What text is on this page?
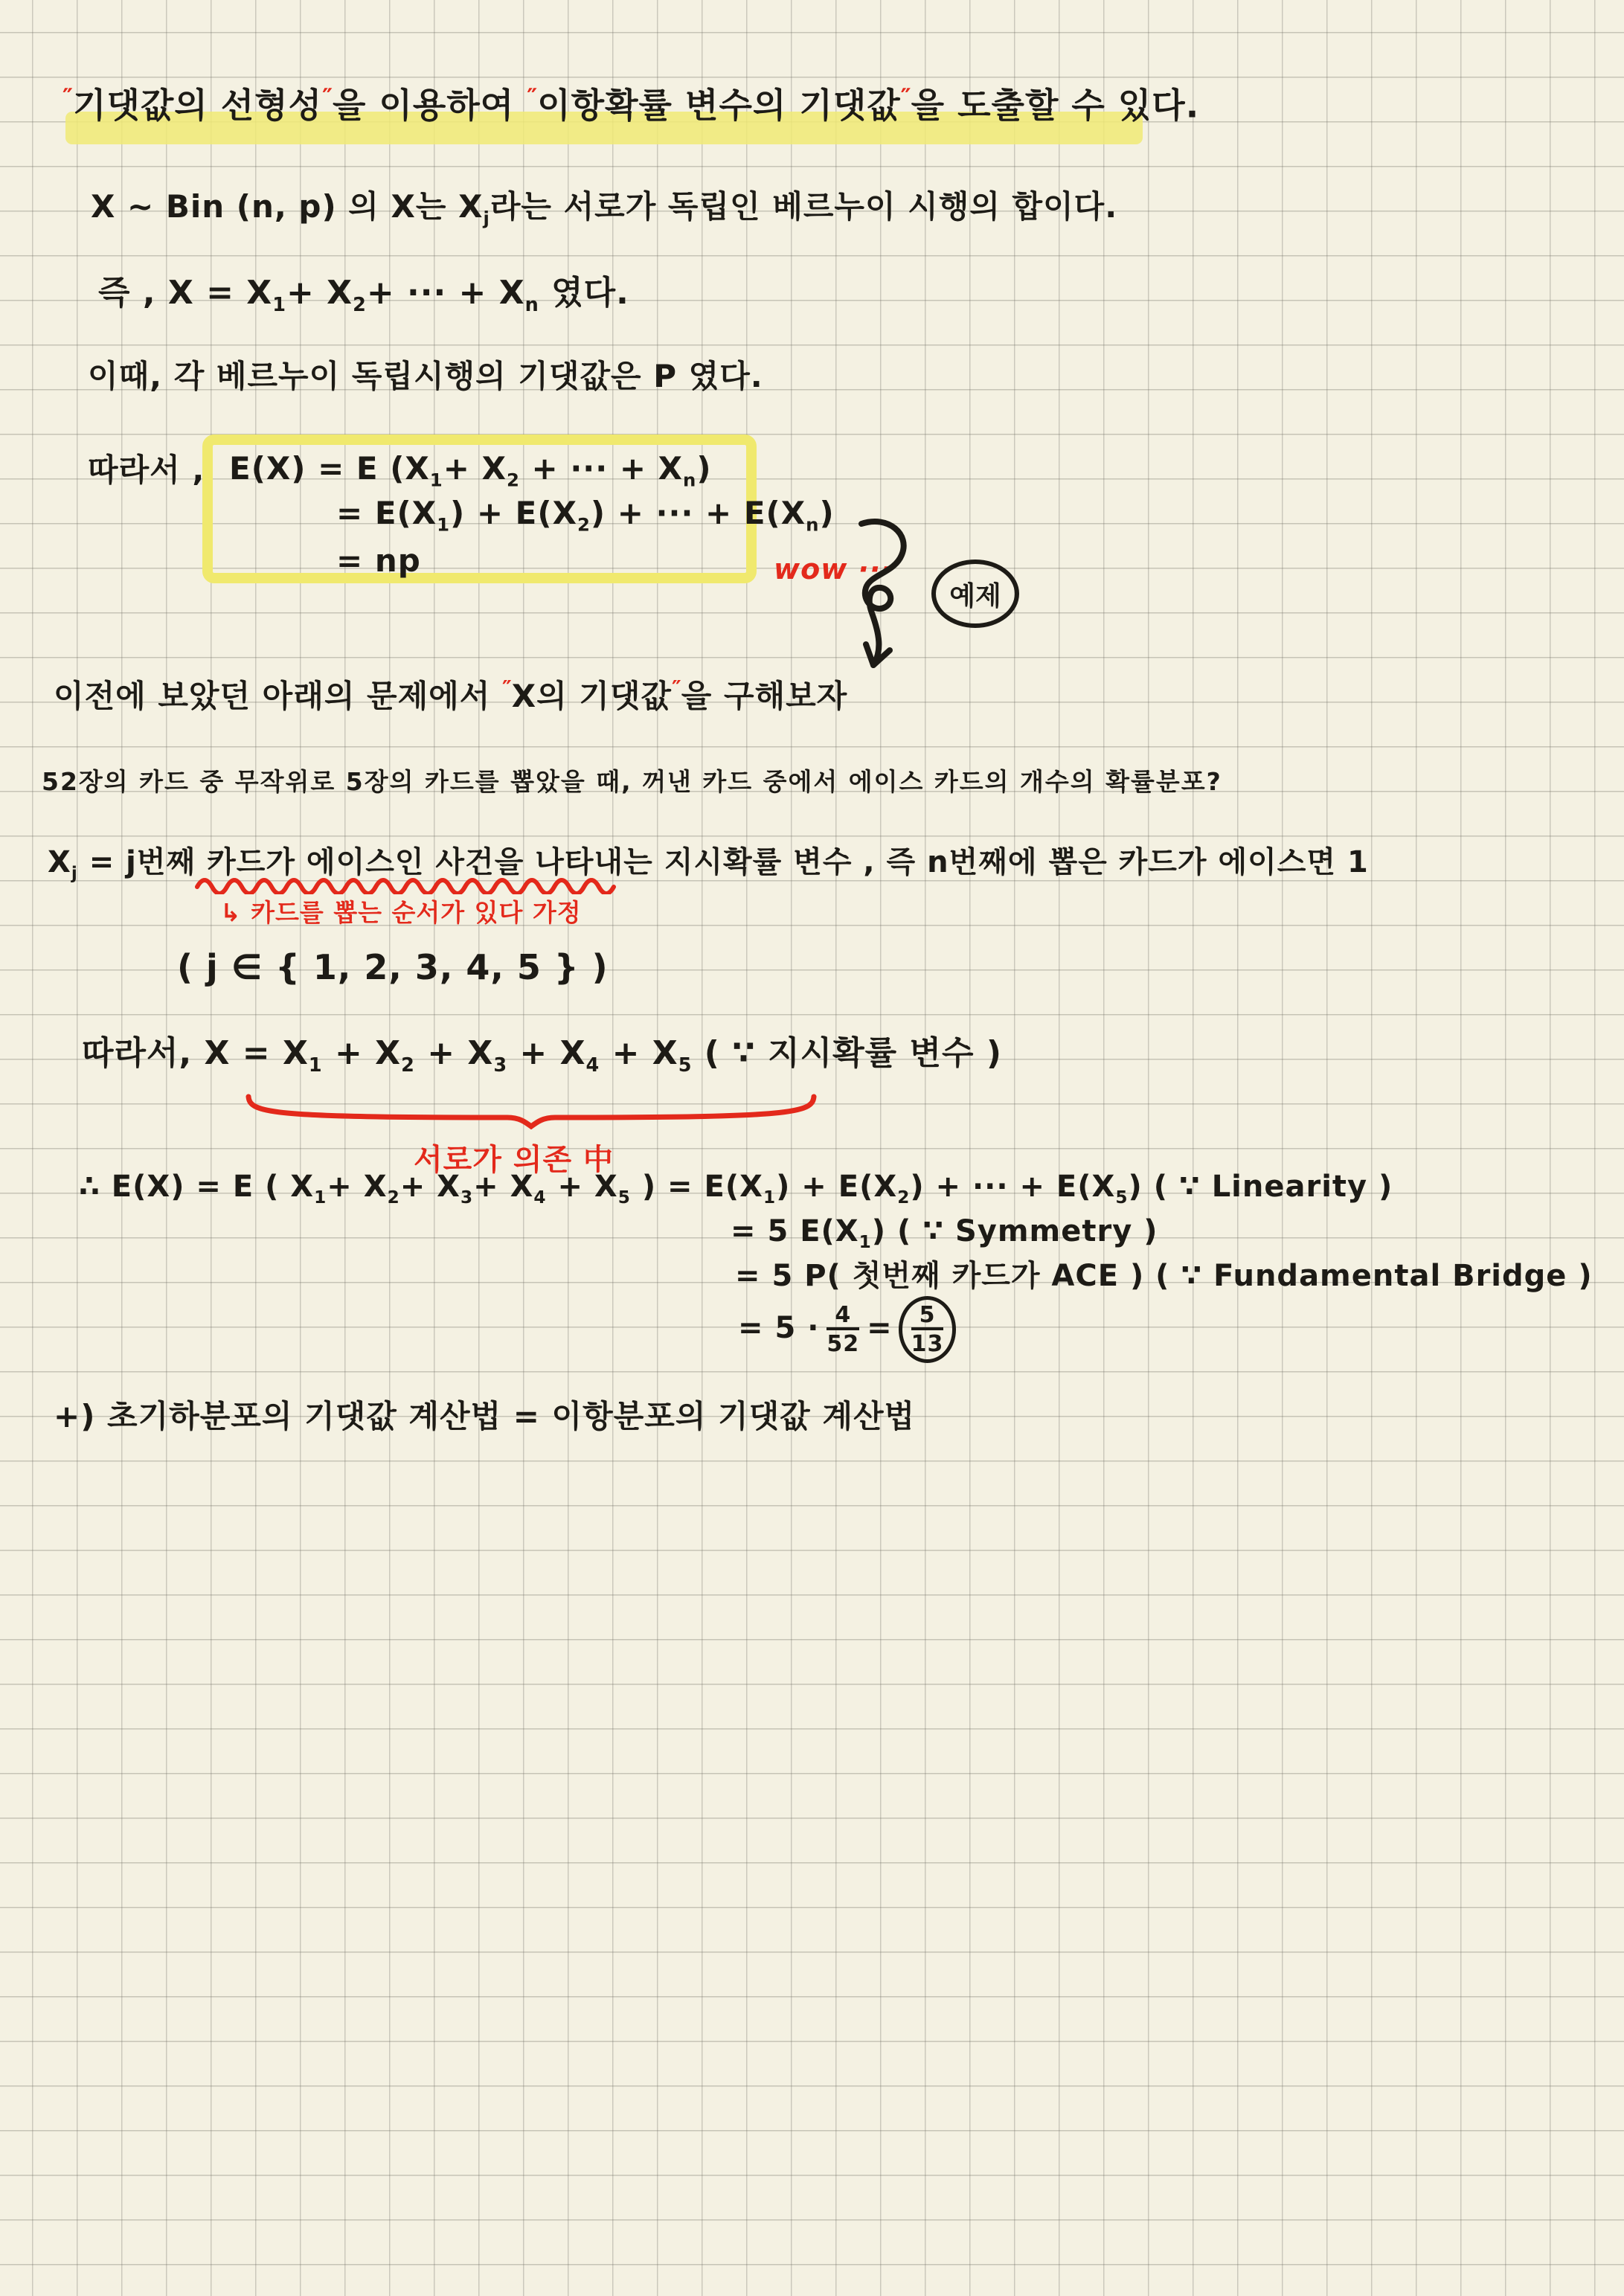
″기댓값의 선형성″을 이용하여 ″이항확률 변수의 기댓값″을 도출할 수 있다.
X ~ Bin (n, p) 의 X는 $X_j$라는 서로가 독립인 베르누이 시행의 합이다.
즉 , $X = X_1+ X_2+$ ··· + $X_n$ 였다.
이때, 각 베르누이 독립시행의 기댓값은 P 였다.
따라서 , E(X) = E ($X_1+ X_2$ + ··· + $X_n$)
= $E(X_1) + E(X_2)$ + ··· + $E(X_n)$
= np	wow ···
예제
이전에 보았던 아래의 문제에서 ″X의 기댓값″을 구해보자
52장의 카드 중 무작위로 5장의 카드를 뽑았을 때, 꺼낸 카드 중에서 에이스 카드의 개수의 확률분포?
$X_j = j$번째 카드가 에이스인 사건을 나타내는 지시확률 변수 , 즉 n번째에 뽑은 카드가 에이스면 1
↳ 카드를 뽑는 순서가 있다 가정
( j ∈ { 1, 2, 3, 4, 5 } )
따라서, $X = X_1 + X_2 + X_3 + X_4 + X_5$ ( ∵ 지시확률 변수 )
서로가 의존 中
∴ E(X) = E ( $X_1+ X_2+ X_3+ X_4 + X_5$ ) = $E(X_1) + E(X_2)$ + ··· + $E(X_5)$ ( ∵ Linearity )
= 5 $E(X_1)$ ( ∵ Symmetry )
= 5 P( 첫번째 카드가 ACE ) ( ∵ Fundamental Bridge )
= $5 \cdot \frac{4}{52} = \frac{5}{13}$
+) 초기하분포의 기댓값 계산법 = 이항분포의 기댓값 계산법
